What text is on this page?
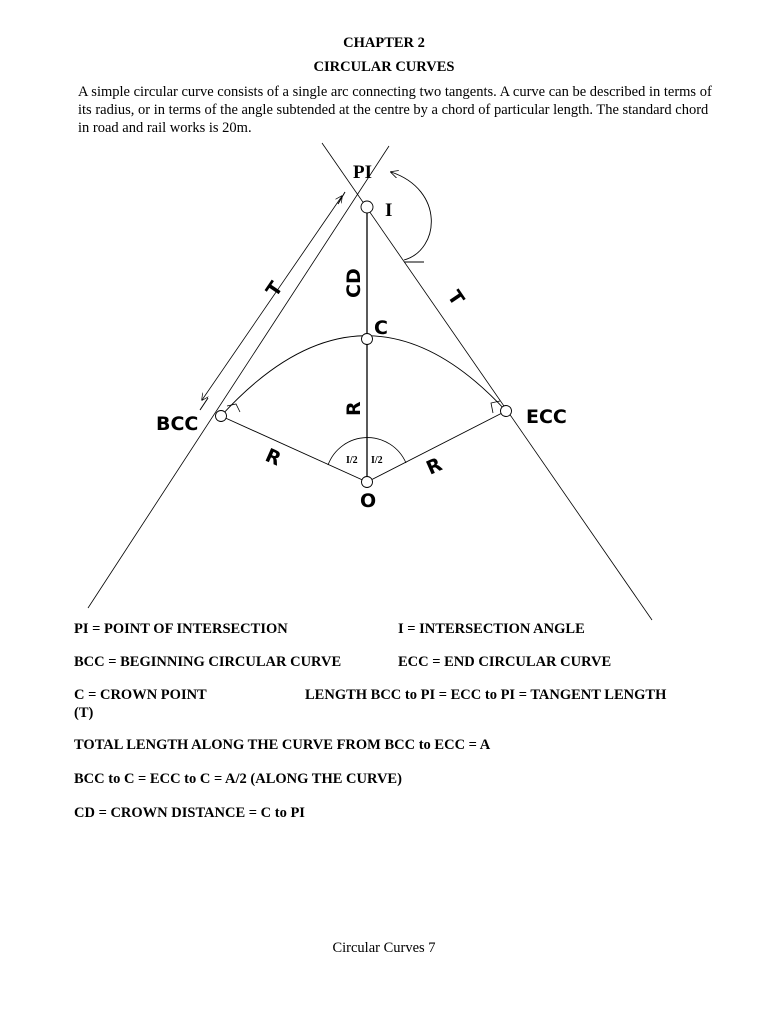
CHAPTER 2
CIRCULAR CURVES
A simple circular curve consists of a single arc connecting two tangents. A curve can be described in terms of its radius, or in terms of the angle subtended at the centre by a chord of particular length. The standard chord in road and rail works is 20m.
PI
I
CD
T	T
C
R
BCC	ECC
R	R
I/2 I/2
O
PI = POINT OF INTERSECTION	I = INTERSECTION ANGLE
BCC = BEGINNING CIRCULAR CURVE	ECC = END CIRCULAR CURVE
C = CROWN POINT	LENGTH BCC to PI = ECC to PI = TANGENT LENGTH
(T)
TOTAL LENGTH ALONG THE CURVE FROM BCC to ECC = A
BCC to C = ECC to C = A/2 (ALONG THE CURVE)
CD = CROWN DISTANCE = C to PI
Circular Curves 7
